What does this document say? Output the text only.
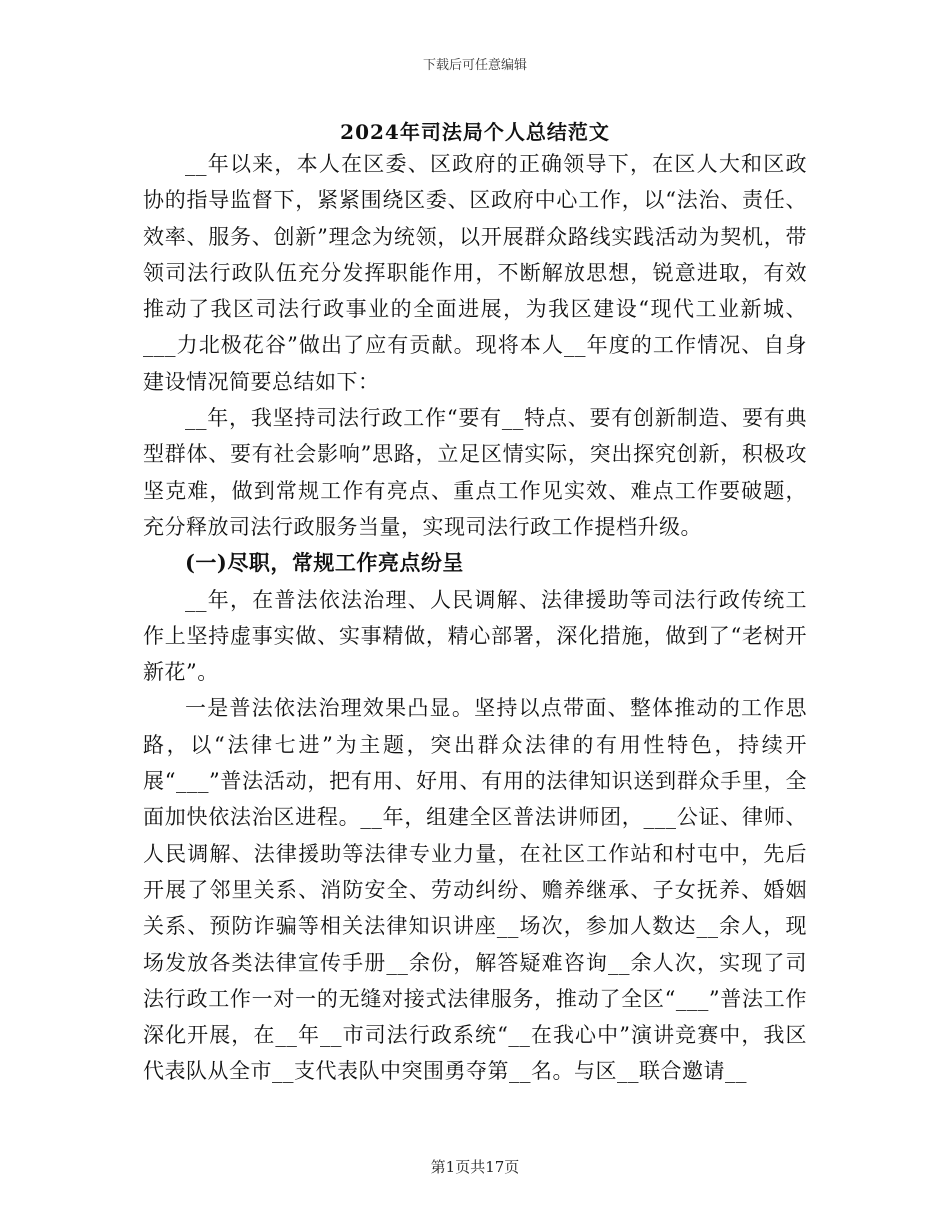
下载后可任意编辑
2024年司法局个人总结范文

__年以来，本人在区委、区政府的正确领导下，在区人大和区政协的指导监督下，紧紧围绕区委、区政府中心工作，以“法治、责任、效率、服务、创新”理念为统领，以开展群众路线实践活动为契机，带领司法行政队伍充分发挥职能作用，不断解放思想，锐意进取，有效推动了我区司法行政事业的全面进展，为我区建设“现代工业新城、___力北极花谷”做出了应有贡献。现将本人__年度的工作情况、自身建设情况简要总结如下：

__年，我坚持司法行政工作“要有__特点、要有创新制造、要有典型群体、要有社会影响”思路，立足区情实际，突出探究创新，积极攻坚克难，做到常规工作有亮点、重点工作见实效、难点工作要破题，充分释放司法行政服务当量，实现司法行政工作提档升级。

(一)尽职，常规工作亮点纷呈

__年，在普法依法治理、人民调解、法律援助等司法行政传统工作上坚持虚事实做、实事精做，精心部署，深化措施，做到了“老树开新花”。

一是普法依法治理效果凸显。坚持以点带面、整体推动的工作思路，以“法律七进”为主题，突出群众法律的有用性特色，持续开展“___”普法活动，把有用、好用、有用的法律知识送到群众手里，全面加快依法治区进程。__年，组建全区普法讲师团，___公证、律师、人民调解、法律援助等法律专业力量，在社区工作站和村屯中，先后开展了邻里关系、消防安全、劳动纠纷、赡养继承、子女抚养、婚姻关系、预防诈骗等相关法律知识讲座__场次，参加人数达__余人，现场发放各类法律宣传手册__余份，解答疑难咨询__余人次，实现了司法行政工作一对一的无缝对接式法律服务，推动了全区“___”普法工作深化开展，在__年__市司法行政系统“__在我心中”演讲竞赛中，我区代表队从全市__支代表队中突围勇夺第__名。与区__联合邀请__

第1页共17页
